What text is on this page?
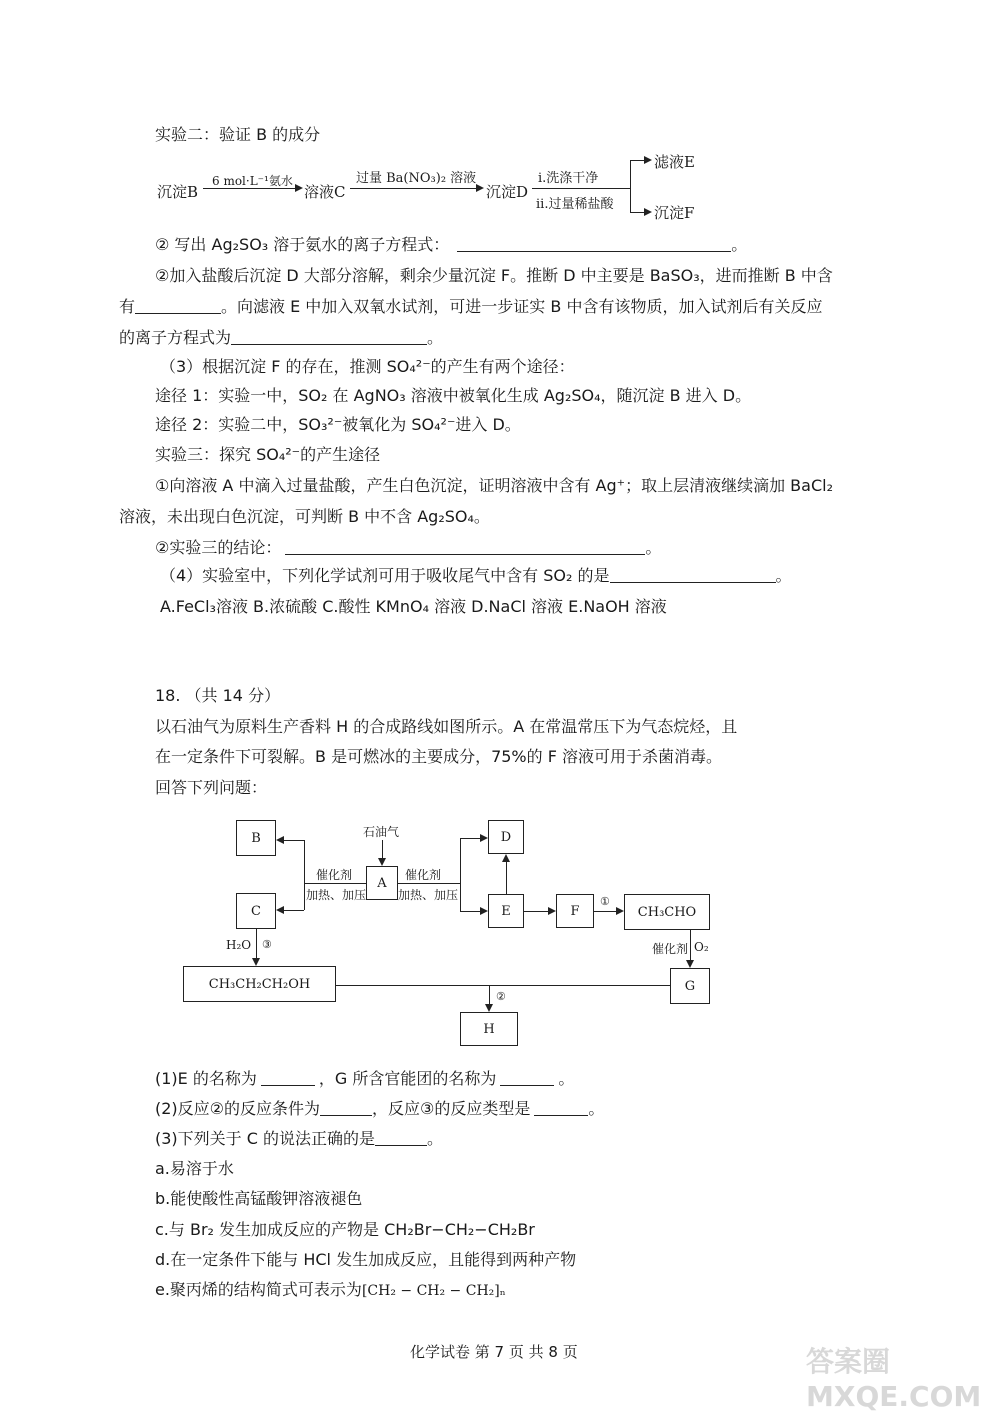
实验二：验证 B 的成分
沉淀B
6 mol·L⁻¹氨水
溶液C
过量 Ba(NO₃)₂ 溶液
沉淀D
i.洗涤干净
ii.过量稀盐酸
滤液E
沉淀F
② 写出 Ag₂SO₃ 溶于氨水的离子方程式：	。
②加入盐酸后沉淀 D 大部分溶解，剩余少量沉淀 F。推断 D 中主要是 BaSO₃，进而推断 B 中含
有	。向滤液 E 中加入双氧水试剂，可进一步证实 B 中含有该物质，加入试剂后有关反应
的离子方程式为	。
（3）根据沉淀 F 的存在，推测 SO₄²⁻的产生有两个途径：
途径 1：实验一中，SO₂ 在 AgNO₃ 溶液中被氧化生成 Ag₂SO₄，随沉淀 B 进入 D。
途径 2：实验二中，SO₃²⁻被氧化为 SO₄²⁻进入 D。
实验三：探究 SO₄²⁻的产生途径
①向溶液 A 中滴入过量盐酸，产生白色沉淀，证明溶液中含有 Ag⁺；取上层清液继续滴加 BaCl₂
溶液，未出现白色沉淀，可判断 B 中不含 Ag₂SO₄。
②实验三的结论：	。
（4）实验室中，下列化学试剂可用于吸收尾气中含有 SO₂ 的是	。
A.FeCl₃溶液 B.浓硫酸 C.酸性 KMnO₄ 溶液 D.NaCl 溶液 E.NaOH 溶液
18. （共 14 分）
以石油气为原料生产香料 H 的合成路线如图所示。A 在常温常压下为气态烷烃，且
在一定条件下可裂解。B 是可燃冰的主要成分，75%的 F 溶液可用于杀菌消毒。
回答下列问题：
B
C
A
D
E	F	CH₃CHO
G
CH₃CH₂CH₂OH
H
石油气
催化剂
加热、加压
催化剂
加热、加压	①
催化剂 O₂
H₂O ③
②
(1)E 的名称为	，G 所含官能团的名称为	。
(2)反应②的反应条件为	，反应③的反应类型是	。
(3)下列关于 C 的说法正确的是	。
a.易溶于水
b.能使酸性高锰酸钾溶液褪色
c.与 Br₂ 发生加成反应的产物是 CH₂Br−CH₂−CH₂Br
d.在一定条件下能与 HCl 发生加成反应，且能得到两种产物
e.聚丙烯的结构简式可表示为[CH₂ − CH₂ − CH₂]ₙ
化学试卷 第 7 页 共 8 页	答案圈 MXQE.COM
